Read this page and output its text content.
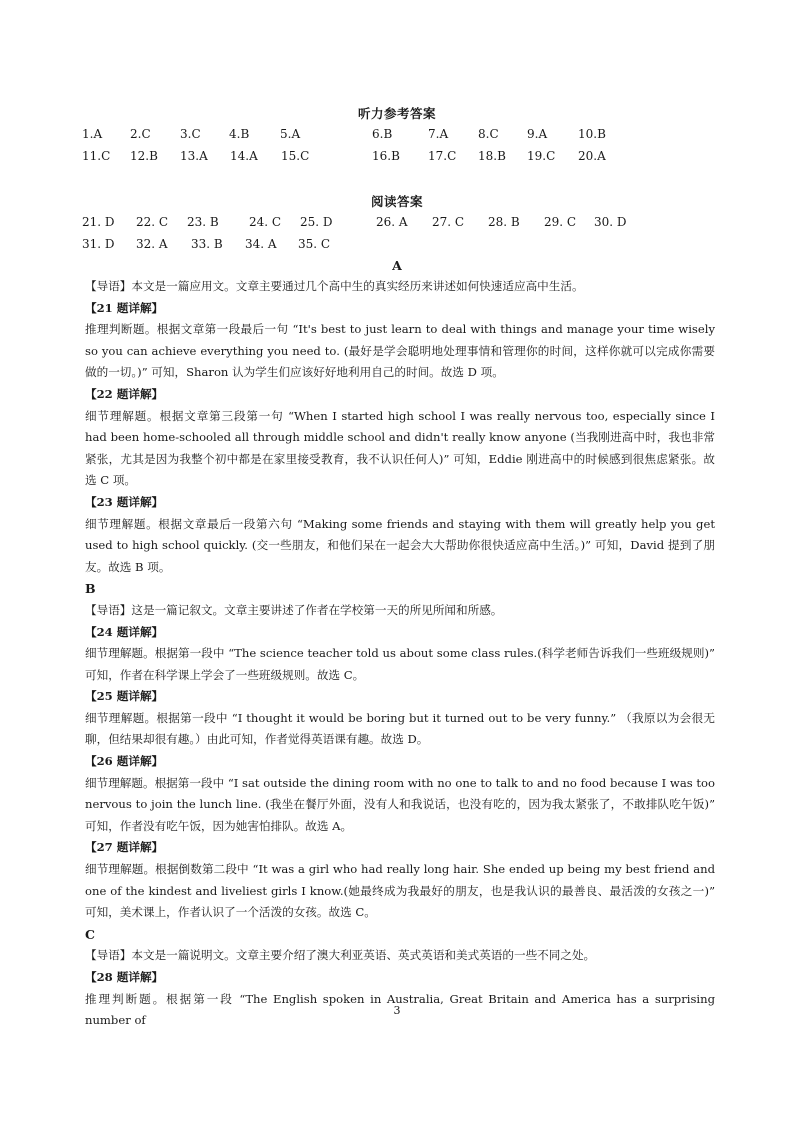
听力参考答案
1.A 2.C 3.C 4.B	5.A	6.B	7.A 8.C 9.A	10.B
11.C 12.B 13.A 14.A 15.C	16.B 17.C 18.B 19.C 20.A
阅读答案
21. D 22. C 23. B	24. C 25. D	26. A 27. C 28. B 29. C 30. D
31. D 32. A 33. B 34. A 35. C
A

【导语】本文是一篇应用文。文章主要通过几个高中生的真实经历来讲述如何快速适应高中生活。

【21 题详解】

推理判断题。根据文章第一段最后一句 “It's best to just learn to deal with things and manage your time wisely so you can achieve everything you need to. (最好是学会聪明地处理事情和管理你的时间，这样你就可以完成你需要做的一切。)” 可知，Sharon 认为学生们应该好好地利用自己的时间。故选 D 项。

【22 题详解】

细节理解题。根据文章第三段第一句 “When I started high school I was really nervous too, especially since I had been home-schooled all through middle school and didn't really know anyone (当我刚进高中时，我也非常紧张，尤其是因为我整个初中都是在家里接受教育，我不认识任何人)” 可知，Eddie 刚进高中的时候感到很焦虑紧张。故选 C 项。

【23 题详解】

细节理解题。根据文章最后一段第六句 “Making some friends and staying with them will greatly help you get used to high school quickly. (交一些朋友，和他们呆在一起会大大帮助你很快适应高中生活。)” 可知，David 提到了朋友。故选 B 项。

B

【导语】这是一篇记叙文。文章主要讲述了作者在学校第一天的所见所闻和所感。

【24 题详解】

细节理解题。根据第一段中 “The science teacher told us about some class rules.(科学老师告诉我们一些班级规则)” 可知，作者在科学课上学会了一些班级规则。故选 C。

【25 题详解】

细节理解题。根据第一段中 “I thought it would be boring but it turned out to be very funny.” （我原以为会很无聊，但结果却很有趣。）由此可知，作者觉得英语课有趣。故选 D。

【26 题详解】

细节理解题。根据第一段中 “I sat outside the dining room with no one to talk to and no food because I was too nervous to join the lunch line. (我坐在餐厅外面，没有人和我说话，也没有吃的，因为我太紧张了，不敢排队吃午饭)” 可知，作者没有吃午饭，因为她害怕排队。故选 A。

【27 题详解】

细节理解题。根据倒数第二段中 “It was a girl who had really long hair. She ended up being my best friend and one of the kindest and liveliest girls I know.(她最终成为我最好的朋友，也是我认识的最善良、最活泼的女孩之一)” 可知，美术课上，作者认识了一个活泼的女孩。故选 C。

C

【导语】本文是一篇说明文。文章主要介绍了澳大利亚英语、英式英语和美式英语的一些不同之处。

【28 题详解】

推理判断题。根据第一段 “The English spoken in Australia, Great Britain and America has a surprising number of

3
